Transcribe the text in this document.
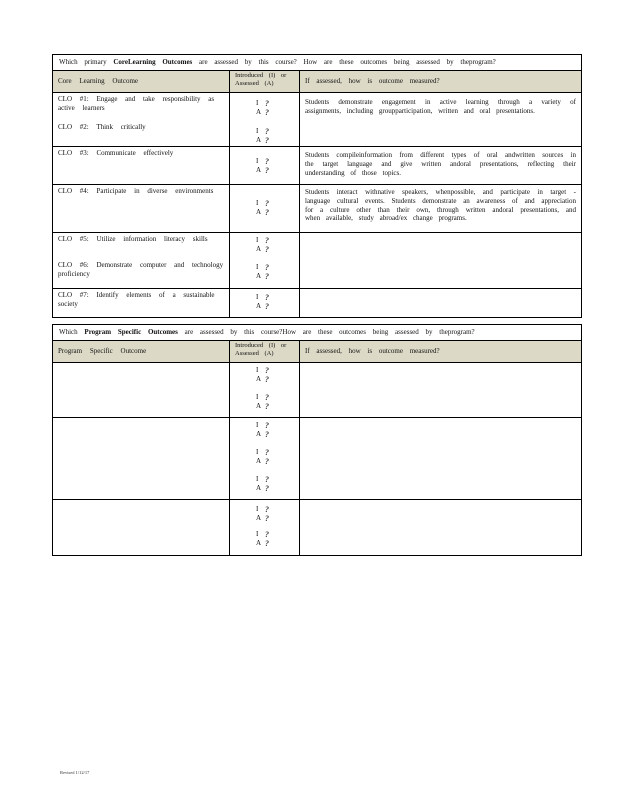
Which primary CoreLearning Outcomes are assessed by this course? How are these outcomes being assessed by theprogram?
Core Learning Outcome
Introduced (I) or Assessed (A)	If assessed, how is outcome measured?
CLO #1: Engage and take responsibility as active learners
CLO #2: Think critically
I
A
?
?
I
A
?
?
Students demonstrate engagement in active learning through a variety of assignments, including groupparticipation, written and oral presentations.
CLO #3: Communicate effectively
I
A
?
?
Students compileinformation from different types of oral andwritten sources in the target language and give written andoral presentations, reflecting their understanding of those topics.
CLO #4: Participate in diverse environments
I
A
?
?
Students interact withnative speakers, whenpossible, and participate in target -language cultural events. Students demonstrate an awareness of and appreciation for a culture other than their own, through written andoral presentations, and when available, study abroad/ex change programs.
CLO #5: Utilize information literacy skills
CLO #6: Demonstrate computer and technology proficiency
I
A
?
?
I
A
?
?
CLO #7: Identify elements of a sustainable society
I
A
?
?
Which Program Specific Outcomes are assessed by this course?How are these outcomes being assessed by theprogram?
Program Specific Outcome
Introduced (I) or Assessed (A)	If assessed, how is outcome measured?
I
A
?
?
I
A
?
?
I
A
?
?
I
A
?
?
I
A
?
?
I
A
?
?
I
A
?
?
Revised 1/12/17
